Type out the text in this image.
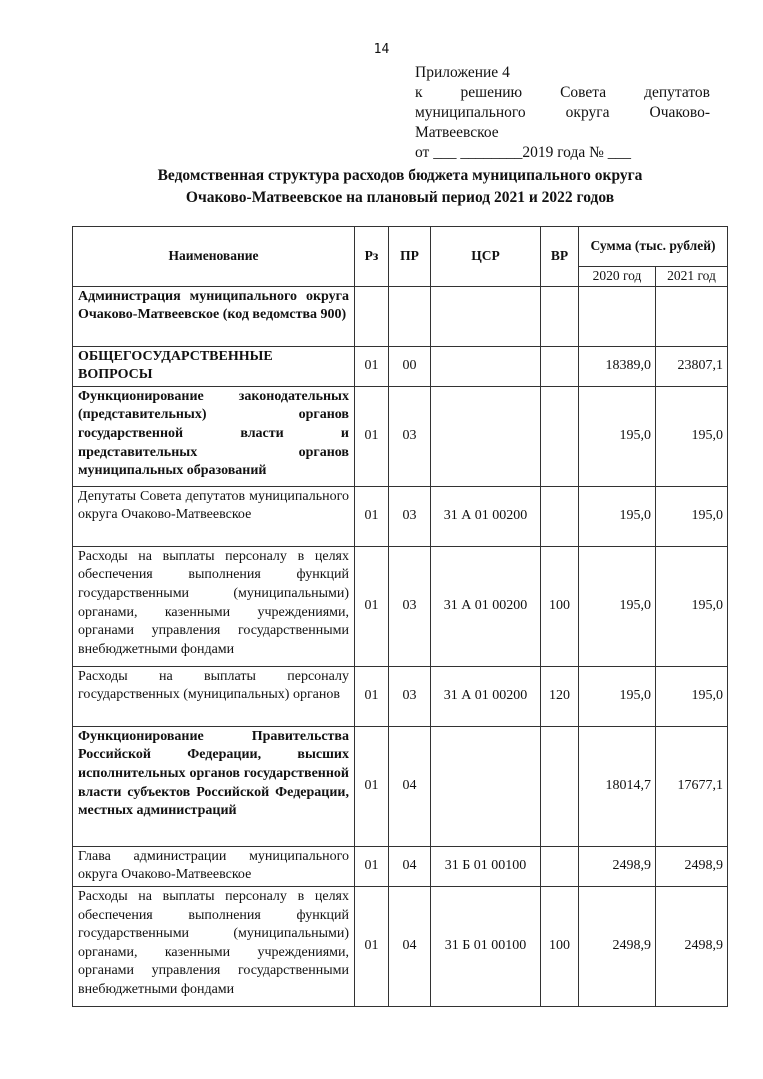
14
Приложение 4
к решению Совета депутатов
муниципального округа Очаково-
Матвеевское
от ___ ________2019 года № ___
Ведомственная структура расходов бюджета муниципального округа
Очаково-Матвеевское на плановый период 2021 и 2022 годов
Наименование	Рз	ПР	ЦСР	ВР	Сумма (тыс. рублей)	
					2020 год	2021 год
Администрация муниципального округа Очаково-Матвеевское (код ведомства 900)						
ОБЩЕГОСУДАРСТВЕННЫЕ ВОПРОСЫ	01	00			18389,0	23807,1
Функционирование законодательных (представительных) органов государственной власти и представительных органов муниципальных образований	01	03			195,0	195,0
Депутаты Совета депутатов муниципального округа Очаково-Матвеевское	01	03	31 А 01 00200		195,0	195,0
Расходы на выплаты персоналу в целях обеспечения выполнения функций государственными (муниципальными) органами, казенными учреждениями, органами управления государственными внебюджетными фондами	01	03	31 А 01 00200	100	195,0	195,0
Расходы на выплаты персоналу государственных (муниципальных) органов	01	03	31 А 01 00200	120	195,0	195,0
Функционирование Правительства Российской Федерации, высших исполнительных органов государственной власти субъектов Российской Федерации, местных администраций	01	04			18014,7	17677,1
Глава администрации муниципального округа Очаково-Матвеевское	01	04	31 Б 01 00100		2498,9	2498,9
Расходы на выплаты персоналу в целях обеспечения выполнения функций государственными (муниципальными) органами, казенными учреждениями, органами управления государственными внебюджетными фондами	01	04	31 Б 01 00100	100	2498,9	2498,9
